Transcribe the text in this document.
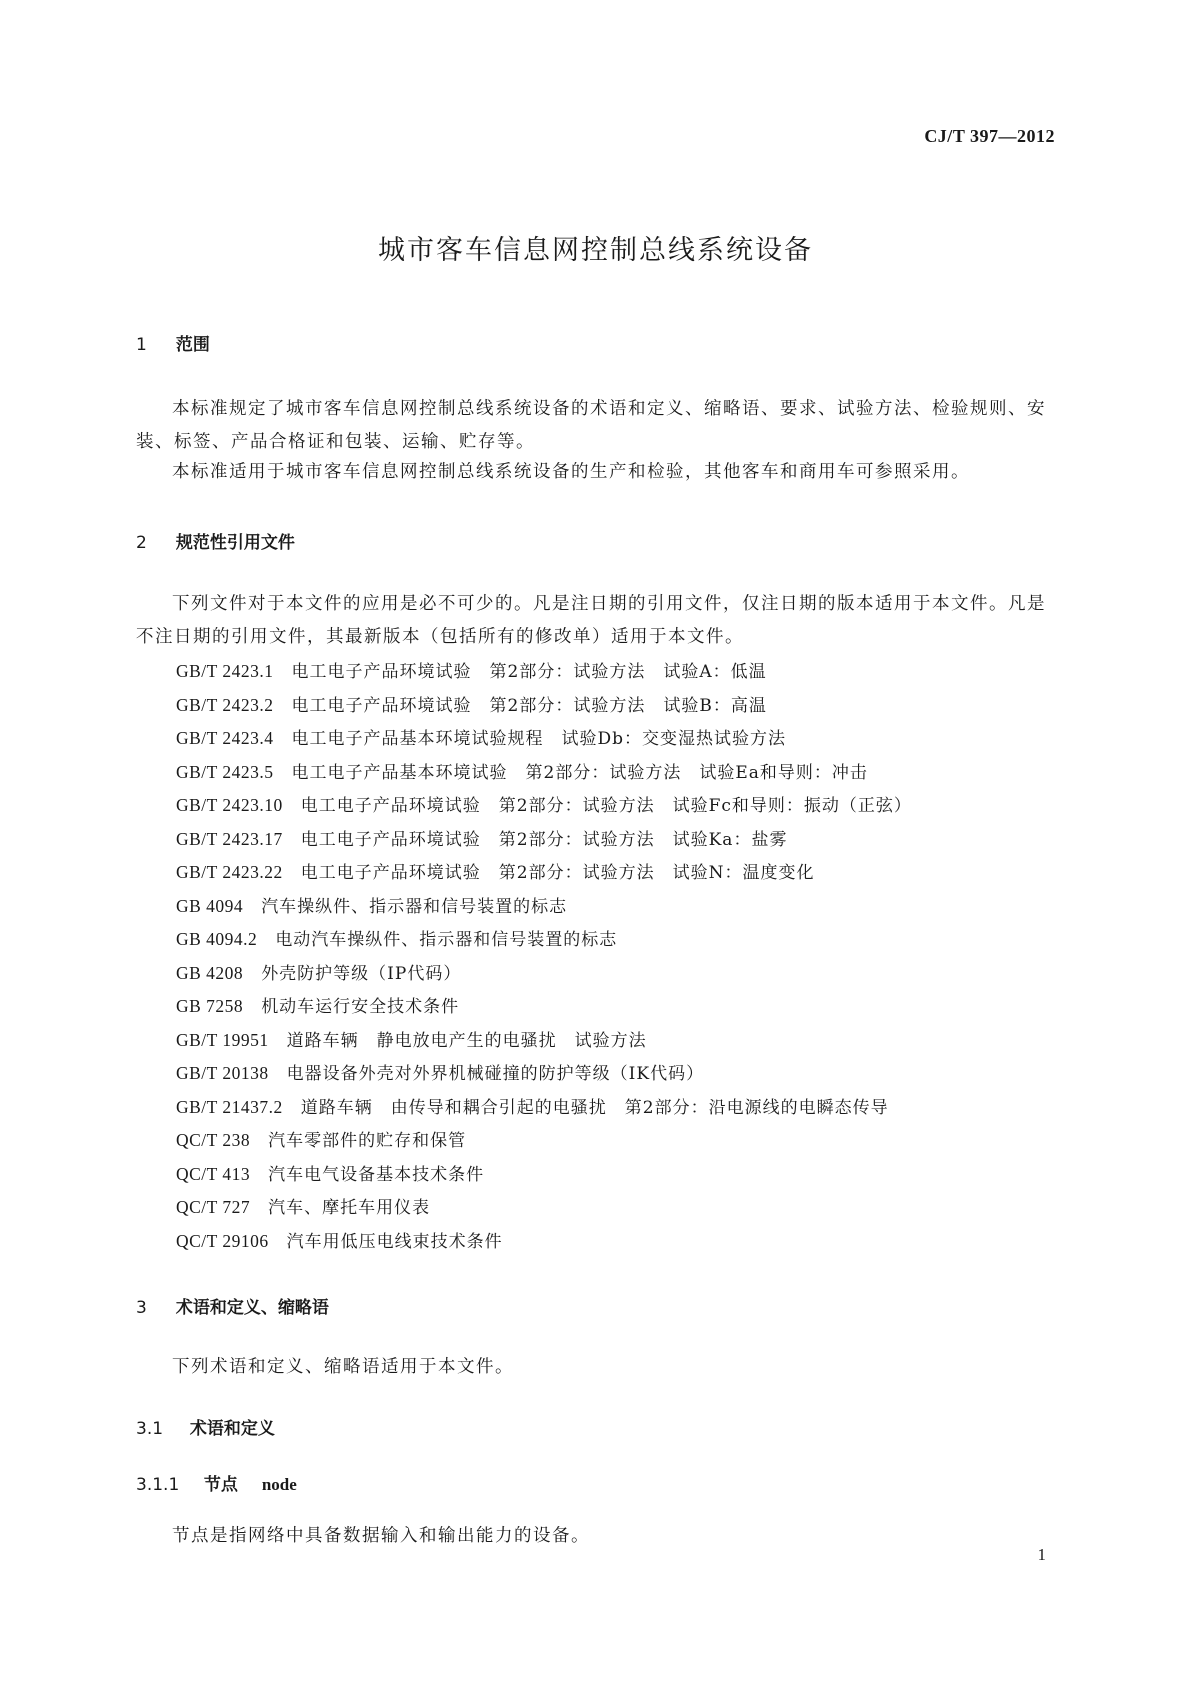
CJ/T 397—2012
城市客车信息网控制总线系统设备
1 范围
本标准规定了城市客车信息网控制总线系统设备的术语和定义、缩略语、要求、试验方法、检验规则、安装、标签、产品合格证和包装、运输、贮存等。
本标准适用于城市客车信息网控制总线系统设备的生产和检验，其他客车和商用车可参照采用。
2 规范性引用文件
下列文件对于本文件的应用是必不可少的。凡是注日期的引用文件，仅注日期的版本适用于本文件。凡是不注日期的引用文件，其最新版本（包括所有的修改单）适用于本文件。
GB/T 2423.1 电工电子产品环境试验　第2部分：试验方法　试验A：低温
GB/T 2423.2 电工电子产品环境试验　第2部分：试验方法　试验B：高温
GB/T 2423.4 电工电子产品基本环境试验规程　试验Db：交变湿热试验方法
GB/T 2423.5 电工电子产品基本环境试验　第2部分：试验方法　试验Ea和导则：冲击
GB/T 2423.10 电工电子产品环境试验　第2部分：试验方法　试验Fc和导则：振动（正弦）
GB/T 2423.17 电工电子产品环境试验　第2部分：试验方法　试验Ka：盐雾
GB/T 2423.22 电工电子产品环境试验　第2部分：试验方法　试验N：温度变化
GB 4094 汽车操纵件、指示器和信号装置的标志
GB 4094.2 电动汽车操纵件、指示器和信号装置的标志
GB 4208 外壳防护等级（IP代码）
GB 7258 机动车运行安全技术条件
GB/T 19951 道路车辆　静电放电产生的电骚扰　试验方法
GB/T 20138 电器设备外壳对外界机械碰撞的防护等级（IK代码）
GB/T 21437.2 道路车辆　由传导和耦合引起的电骚扰　第2部分：沿电源线的电瞬态传导
QC/T 238 汽车零部件的贮存和保管
QC/T 413 汽车电气设备基本技术条件
QC/T 727 汽车、摩托车用仪表
QC/T 29106 汽车用低压电线束技术条件
3 术语和定义、缩略语
下列术语和定义、缩略语适用于本文件。
3.1 术语和定义
3.1.1 节点 node
节点是指网络中具备数据输入和输出能力的设备。
1
